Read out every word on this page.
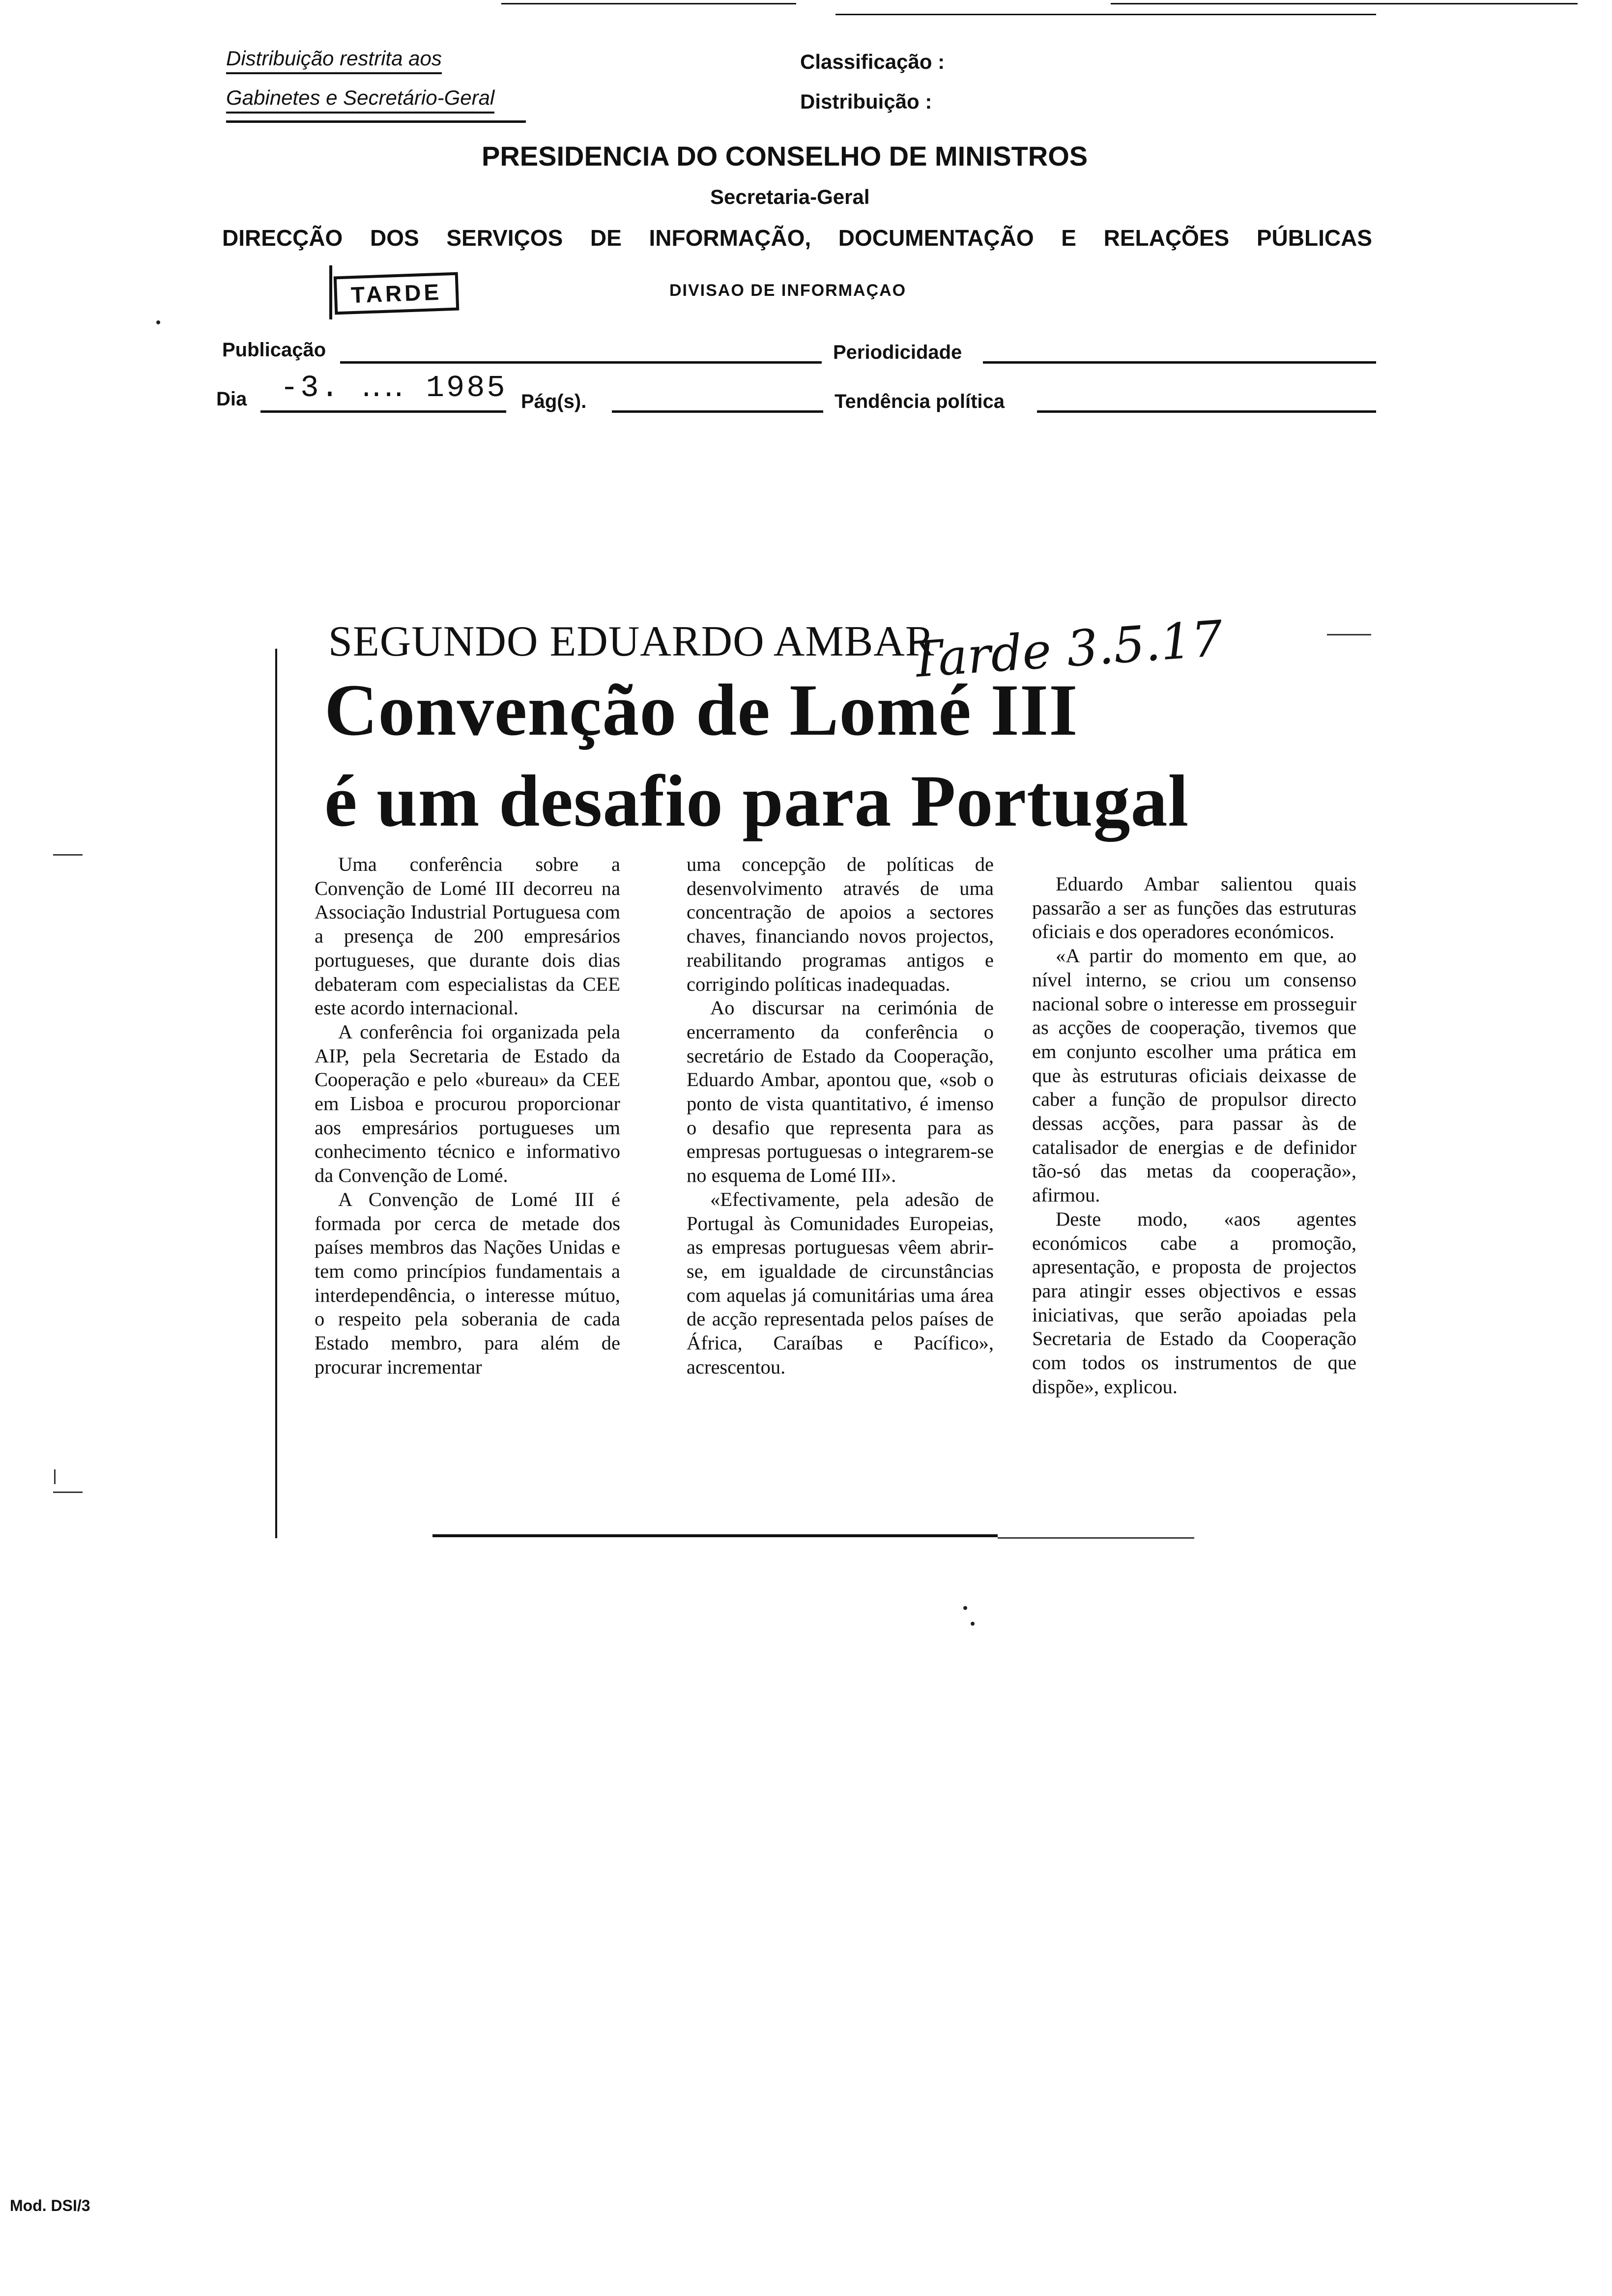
Distribuição restrita aos
Gabinetes e Secretário-Geral
Classificação :
Distribuição :
PRESIDENCIA DO CONSELHO DE MINISTROS
Secretaria-Geral
DIRECÇÃO DOS SERVIÇOS DE INFORMAÇÃO, DOCUMENTAÇÃO E RELAÇÕES PÚBLICAS
TARDE	DIVISAO DE INFORMAÇAO
Publicação	Periodicidade
Dia -3. ‥‥ 1985 Pág(s).	Tendência política
SEGUNDO EDUARDO AMBAR
Tarde 3.5.17
Convenção de Lomé III
é um desafio para Portugal

Uma conferência sobre a Convenção de Lomé III decorreu na Associação Industrial Portuguesa com a presença de 200 empresários portugueses, que durante dois dias debateram com especialistas da CEE este acordo internacional.

A conferência foi organizada pela AIP, pela Secretaria de Estado da Cooperação e pelo «bureau» da CEE em Lisboa e procurou proporcionar aos empresários portugueses um conhecimento técnico e informativo da Convenção de Lomé.

A Convenção de Lomé III é formada por cerca de metade dos países membros das Nações Unidas e tem como princípios fundamentais a interdependência, o interesse mútuo, o respeito pela soberania de cada Estado membro, para além de procurar incrementar

uma concepção de políticas de desenvolvimento através de uma concentração de apoios a sectores chaves, financiando novos projectos, reabilitando programas antigos e corrigindo políticas inadequadas.

Ao discursar na cerimónia de encerramento da conferência o secretário de Estado da Cooperação, Eduardo Ambar, apontou que, «sob o ponto de vista quantitativo, é imenso o desafio que representa para as empresas portuguesas o integrarem-se no esquema de Lomé III».

«Efectivamente, pela adesão de Portugal às Comunidades Europeias, as empresas portuguesas vêem abrir-se, em igualdade de circunstâncias com aquelas já comunitárias uma área de acção representada pelos países de África, Caraíbas e Pacífico», acrescentou.

Eduardo Ambar salientou quais passarão a ser as funções das estruturas oficiais e dos operadores económicos.

«A partir do momento em que, ao nível interno, se criou um consenso nacional sobre o interesse em prosseguir as acções de cooperação, tivemos que em conjunto escolher uma prática em que às estruturas oficiais deixasse de caber a função de propulsor directo dessas acções, para passar às de catalisador de energias e de definidor tão-só das metas da cooperação», afirmou.

Deste modo, «aos agentes económicos cabe a promoção, apresentação, e proposta de projectos para atingir esses objectivos e essas iniciativas, que serão apoiadas pela Secretaria de Estado da Cooperação com todos os instrumentos de que dispõe», explicou.

Mod. DSI/3
